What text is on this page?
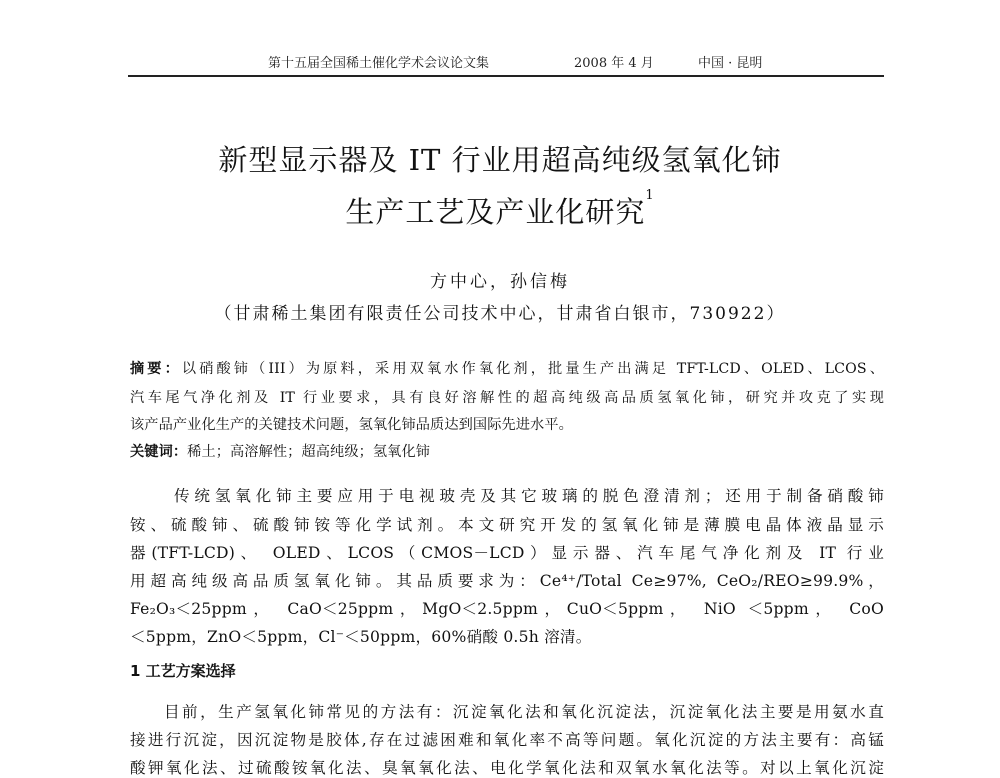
第十五届全国稀土催化学术会议论文集	2008 年 4 月	中国 · 昆明
新型显示器及 IT 行业用超高纯级氢氧化铈
生产工艺及产业化研究$^1$
方中心，孙信梅
（甘肃稀土集团有限责任公司技术中心，甘肃省白银市，730922）
摘要：以硝酸铈（III）为原料，采用双氧水作氧化剂，批量生产出满足 TFT-LCD、OLED、LCOS、
汽车尾气净化剂及 IT 行业要求，具有良好溶解性的超高纯级高品质氢氧化铈，研究并攻克了实现
该产品产业化生产的关键技术问题，氢氧化铈品质达到国际先进水平。
关键词：稀土；高溶解性；超高纯级；氢氧化铈
传统氢氧化铈主要应用于电视玻壳及其它玻璃的脱色澄清剂；还用于制备硝酸铈
铵、硫酸铈、硫酸铈铵等化学试剂。本文研究开发的氢氧化铈是薄膜电晶体液晶显示
器(TFT-LCD)、 OLED、LCOS（CMOS－LCD）显示器、汽车尾气净化剂及 IT 行业
用超高纯级高品质氢氧化铈。其品质要求为：Ce⁴⁺/Total Ce≥97%, CeO₂/REO≥99.9%，
Fe₂O₃＜25ppm， CaO＜25ppm，MgO＜2.5ppm，CuO＜5ppm， NiO ＜5ppm， CoO
＜5ppm，ZnO＜5ppm，Cl⁻＜50ppm，60%硝酸 0.5h 溶清。
1 工艺方案选择
目前，生产氢氧化铈常见的方法有：沉淀氧化法和氧化沉淀法，沉淀氧化法主要是用氨水直
接进行沉淀，因沉淀物是胶体,存在过滤困难和氧化率不高等问题。氧化沉淀的方法主要有：高锰
酸钾氧化法、过硫酸铵氧化法、臭氧氧化法、电化学氧化法和双氧水氧化法等。对以上氧化沉淀
